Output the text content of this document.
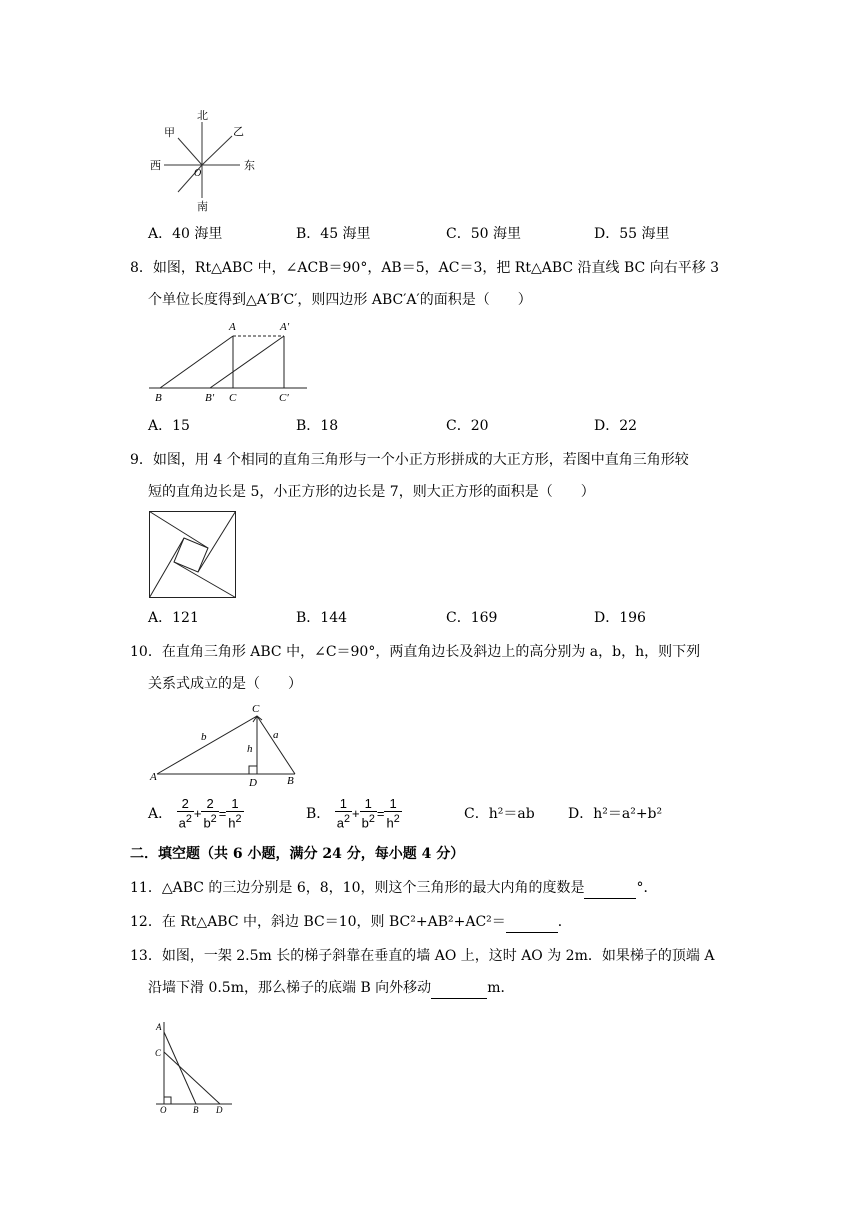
北
南
东
西
甲	乙
O
A．40 海里	B．45 海里	C．50 海里	D．55 海里
8．如图，Rt△ABC 中，∠ACB＝90°，AB＝5，AC＝3，把 Rt△ABC 沿直线 BC 向右平移 3
个单位长度得到△A′B′C′，则四边形 ABC′A′的面积是（　　）
A	A′
B	B′ C	C′
A．15	B．18	C．20	D．22
9．如图，用 4 个相同的直角三角形与一个小正方形拼成的大正方形，若图中直角三角形较
短的直角边长是 5，小正方形的边长是 7，则大正方形的面积是（　　）
A．121	B．144	C．169	D．196
10．在直角三角形 ABC 中，∠C＝90°，两直角边长及斜边上的高分别为 a，b，h，则下列
关系式成立的是（　　）
C
A	B
D
b	a
h
A． $\frac{2}{a^2} + \frac{2}{b^2} = \frac{1}{h^2}$	B． $\frac{1}{a^2} + \frac{1}{b^2} = \frac{1}{h^2}$	C．h²＝ab D．h²＝a²+b²
二．填空题（共 6 小题，满分 24 分，每小题 4 分）
11．△ABC 的三边分别是 6，8，10，则这个三角形的最大内角的度数是	°．
12．在 Rt△ABC 中，斜边 BC＝10，则 BC²+AB²+AC²＝	．
13．如图，一架 2.5m 长的梯子斜靠在垂直的墙 AO 上，这时 AO 为 2m．如果梯子的顶端 A
沿墙下滑 0.5m，那么梯子的底端 B 向外移动	m．
A
C
O	B D
